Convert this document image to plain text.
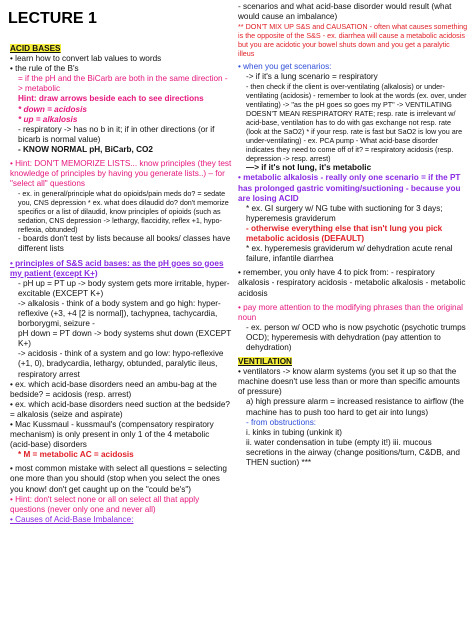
LECTURE 1
ACID BASES
• learn how to convert lab values to words
• the rule of the B's
= if the pH and the BiCarb are both in the same direction -> metabolic
Hint: draw arrows beside each to see directions
* down = acidosis
* up = alkalosis
- respiratory -> has no b in it; if in other directions (or if bicarb is normal value)
- KNOW NORMAL pH, BiCarb, CO2
• Hint: DON'T MEMORIZE LISTS... know principles (they test knowledge of principles by having you generate lists..) – for "select all" questions
- ex. in general/principle what do opioids/pain meds do? = sedate you, CNS depression * ex. what does dilaudid do? don't memorize specifics or a list of dilaudid, know principles of opioids (such as sedation, CNS depression -> lethargy, flaccidity, reflex +1, hypo-reflexia, obtunded)
- boards don't test by lists because all books/ classes have different lists
• principles of S&S acid bases: as the pH goes so goes my patient (except K+)
- pH up = PT up -> body system gets more irritable, hyper-excitable (EXCEPT K+)
-> alkalosis - think of a body system and go high: hyper-reflexive (+3, +4 [2 is normal]), tachypnea, tachycardia, borborygmi, seizure -
pH down = PT down -> body systems shut down (EXCEPT K+)
-> acidosis - think of a system and go low: hypo-reflexive (+1, 0), bradycardia, lethargy, obtunded, paralytic ileus, respiratory arrest
• ex. which acid-base disorders need an ambu-bag at the bedside? = acidosis (resp. arrest)
• ex. which acid-base disorders need suction at the bedside? = alkalosis (seize and aspirate)
• Mac Kussmaul - kussmaul's (compensatory respiratory mechanism) is only present in only 1 of the 4 metabolic (acid-base) disorders
* M = metabolic AC = acidosis
• most common mistake with select all questions = selecting one more than you should (stop when you select the ones you know! don't get caught up on the "could be's")
• Hint: don't select none or all on select all that apply questions (never only one and never all)
• Causes of Acid-Base Imbalance:
- scenarios and what acid-base disorder would result (what would cause an imbalance)
** DON'T MIX UP S&S and CAUSATION - often what causes something is the opposite of the S&S - ex. diarrhea will cause a metabolic acidosis but you are acidotic your bowel shuts down and you get a paralytic illeus
• when you get scenarios:
-> if it's a lung scenario = respiratory
- then check if the client is over-ventilating (alkalosis) or under-ventilating (acidosis) - remember to look at the words (ex. over, under ventilating) -> "as the pH goes so goes my PT" -> VENTILATING DOESN'T MEAN RESPIRATORY RATE; resp. rate is irrelevant w/ acid-base, ventilation has to do with gas exchange not resp. rate (look at the SaO2) * if your resp. rate is fast but SaO2 is low you are under-ventilating) - ex. PCA pump - What acid-base disorder indicates they need to come off of it? = respiratory acidosis (resp. depression -> resp. arrest)
—> if it's not lung, it's metabolic
• metabolic alkalosis - really only one scenario = if the PT has prolonged gastric vomiting/suctioning - because you are losing ACID
* ex. GI surgery w/ NG tube with suctioning for 3 days; hyperemesis graviderum
- otherwise everything else that isn't lung you pick metabolic acidosis (DEFAULT)
* ex. hyperemesis graviderum w/ dehydration acute renal failure, infantile diarrhea
• remember, you only have 4 to pick from: - respiratory alkalosis - respiratory acidosis - metabolic alkalosis - metabolic acidosis
• pay more attention to the modifying phrases than the original noun
- ex. person w/ OCD who is now psychotic (psychotic trumps OCD); hyperemesis with dehydration (pay attention to dehydration)
VENTILATION
• ventilators -> know alarm systems (you set it up so that the machine doesn't use less than or more than specific amounts of pressure)
a) high pressure alarm = increased resistance to airflow (the machine has to push too hard to get air into lungs)
- from obstructions:
i. kinks in tubing (unkink it)
ii. water condensation in tube (empty it!) iii. mucous secretions in the airway (change positions/turn, C&DB, and THEN suction) ***
